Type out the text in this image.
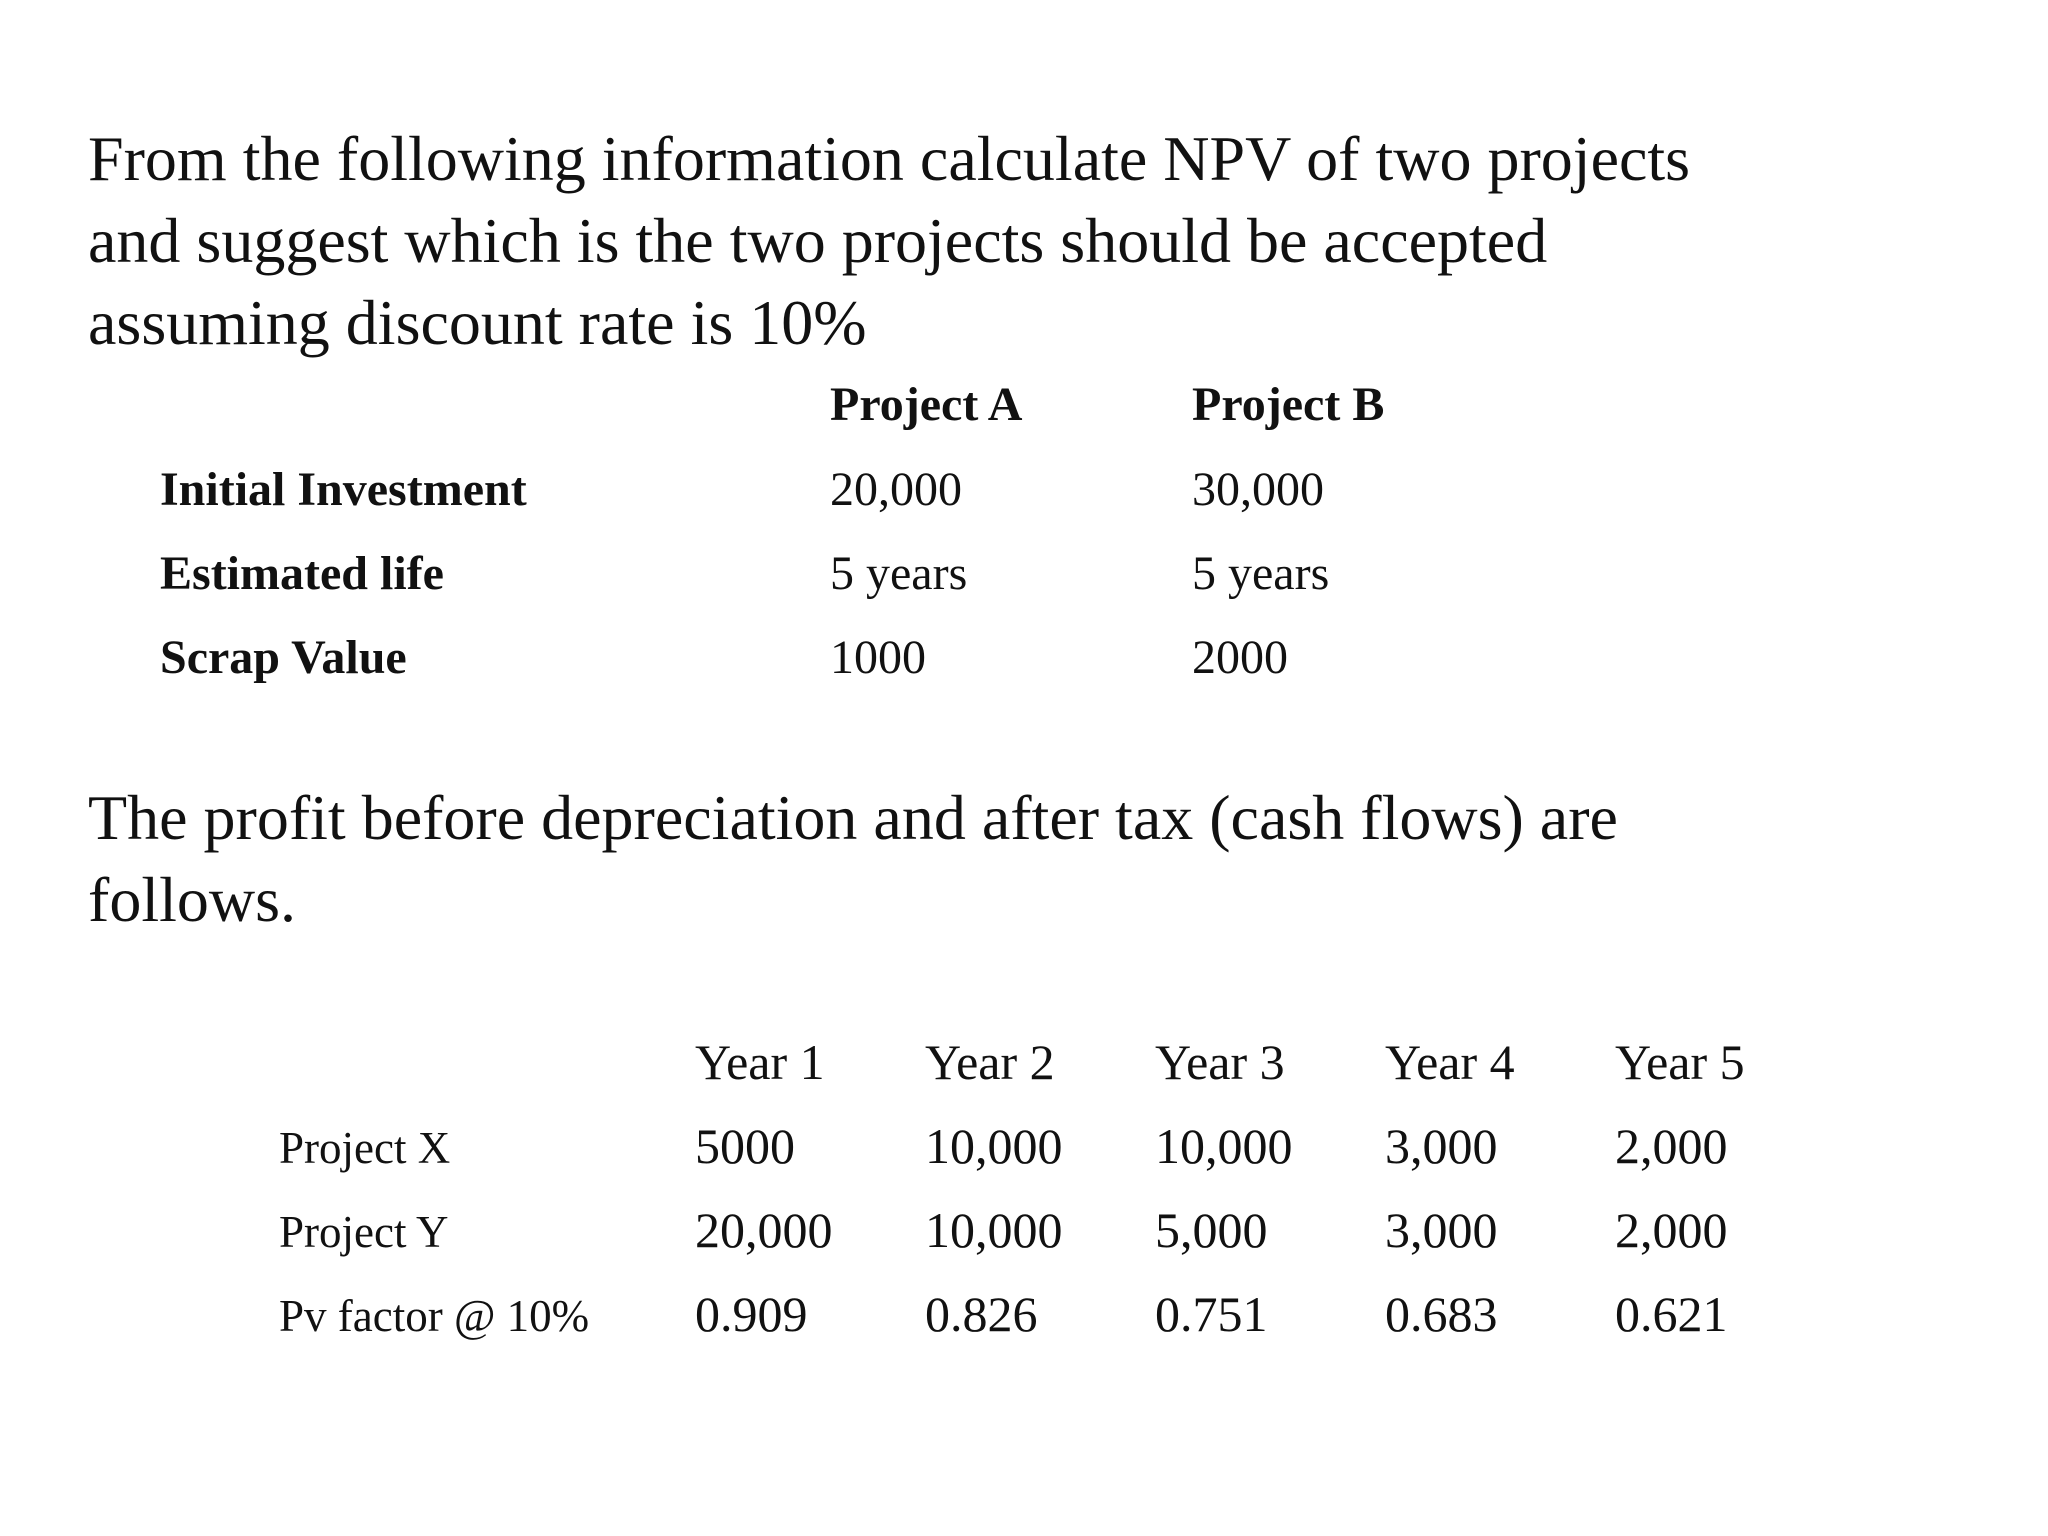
From the following information calculate NPV of two projects
and suggest which is the two projects should be accepted
assuming discount rate is 10%

Project A	Project B
Initial Investment	20,000	30,000
Estimated life	5 years	5 years
Scrap Value	1000	2000

The profit before depreciation and after tax (cash flows) are
follows.

Year 1 Year 2 Year 3 Year 4 Year 5
Project X	5000	10,000 10,000 3,000 2,000
Project Y	20,000 10,000 5,000 3,000 2,000
Pv factor @ 10% 0.909 0.826 0.751 0.683 0.621
